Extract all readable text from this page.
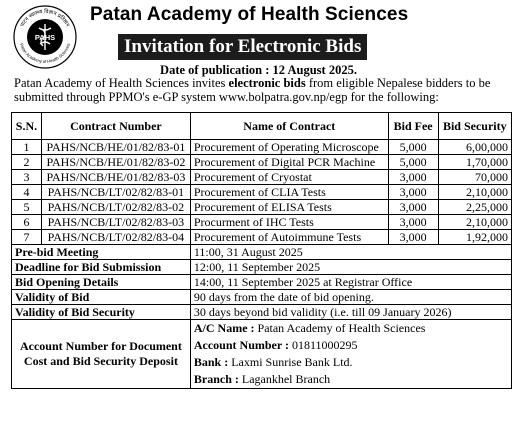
पाटन स्वास्थ्य विज्ञान प्रतिष्ठान
Patan Academy of Health Sciences
PAHS
Patan Academy of Health Sciences
Invitation for Electronic Bids
Date of publication : 12 August 2025.
Patan Academy of Health Sciences invites electronic bids from eligible Nepalese bidders to be submitted through PPMO's e-GP system www.bolpatra.gov.np/egp for the following:
S.N.	Contract Number	Name of Contract	Bid Fee	Bid Security
1	PAHS/NCB/HE/01/82/83-01	Procurement of Operating Microscope	5,000	6,00,000
2	PAHS/NCB/HE/01/82/83-02	Procurement of Digital PCR Machine	5,000	1,70,000
3	PAHS/NCB/HE/01/82/83-03	Procurement of Cryostat	3,000	70,000
4	PAHS/NCB/LT/02/82/83-01	Procurement of CLIA Tests	3,000	2,10,000
5	PAHS/NCB/LT/02/82/83-02	Procurement of ELISA Tests	3,000	2,25,000
6	PAHS/NCB/LT/02/82/83-03	Procurment of IHC Tests	3,000	2,10,000
7	PAHS/NCB/LT/02/82/83-04	Procurement of Autoimmune Tests	3,000	1,92,000
Pre-bid Meeting		11:00, 31 August 2025		
Deadline for Bid Submission		12:00, 11 September 2025		
Bid Opening Details		14:00, 11 September 2025 at Registrar Office		
Validity of Bid		90 days from the date of bid opening.		
Validity of Bid Security		30 days beyond bid validity (i.e. till 09 January 2026)		
Account Number for Document Cost and Bid Security Deposit		A/C Name : Patan Academy of Health Sciences
Account Number : 01811000295
Bank : Laxmi Sunrise Bank Ltd.
Branch : Lagankhel Branch		
